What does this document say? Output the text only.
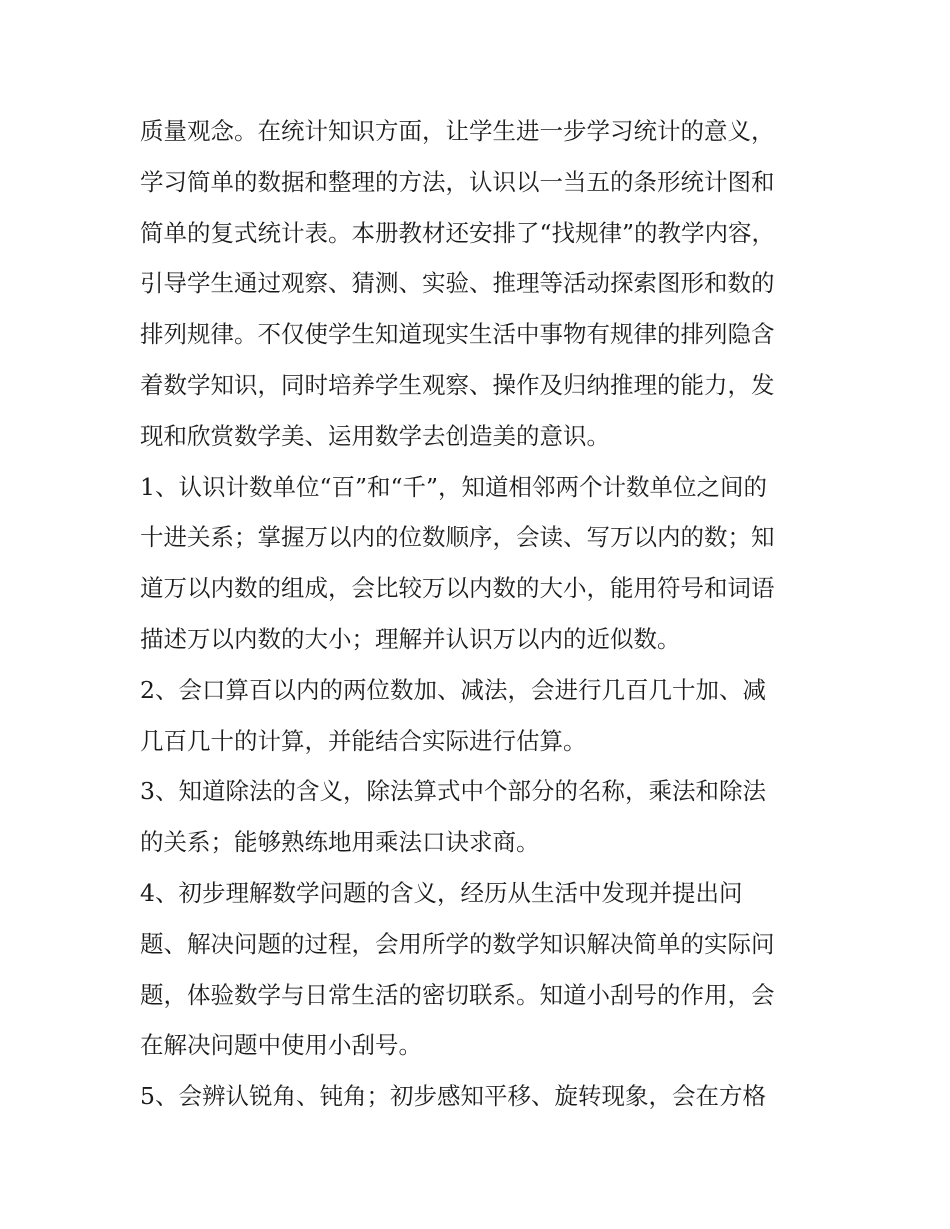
质量观念。在统计知识方面，让学生进一步学习统计的意义，
学习简单的数据和整理的方法，认识以一当五的条形统计图和
简单的复式统计表。本册教材还安排了“找规律”的教学内容，
引导学生通过观察、猜测、实验、推理等活动探索图形和数的
排列规律。不仅使学生知道现实生活中事物有规律的排列隐含
着数学知识，同时培养学生观察、操作及归纳推理的能力，发
现和欣赏数学美、运用数学去创造美的意识。
1、认识计数单位“百”和“千”，知道相邻两个计数单位之间的
十进关系；掌握万以内的位数顺序，会读、写万以内的数；知
道万以内数的组成，会比较万以内数的大小，能用符号和词语
描述万以内数的大小；理解并认识万以内的近似数。
2、会口算百以内的两位数加、减法，会进行几百几十加、减
几百几十的计算，并能结合实际进行估算。
3、知道除法的含义，除法算式中个部分的名称，乘法和除法
的关系；能够熟练地用乘法口诀求商。
4、初步理解数学问题的含义，经历从生活中发现并提出问
题、解决问题的过程，会用所学的数学知识解决简单的实际问
题，体验数学与日常生活的密切联系。知道小刮号的作用，会
在解决问题中使用小刮号。
5、会辨认锐角、钝角；初步感知平移、旋转现象，会在方格
